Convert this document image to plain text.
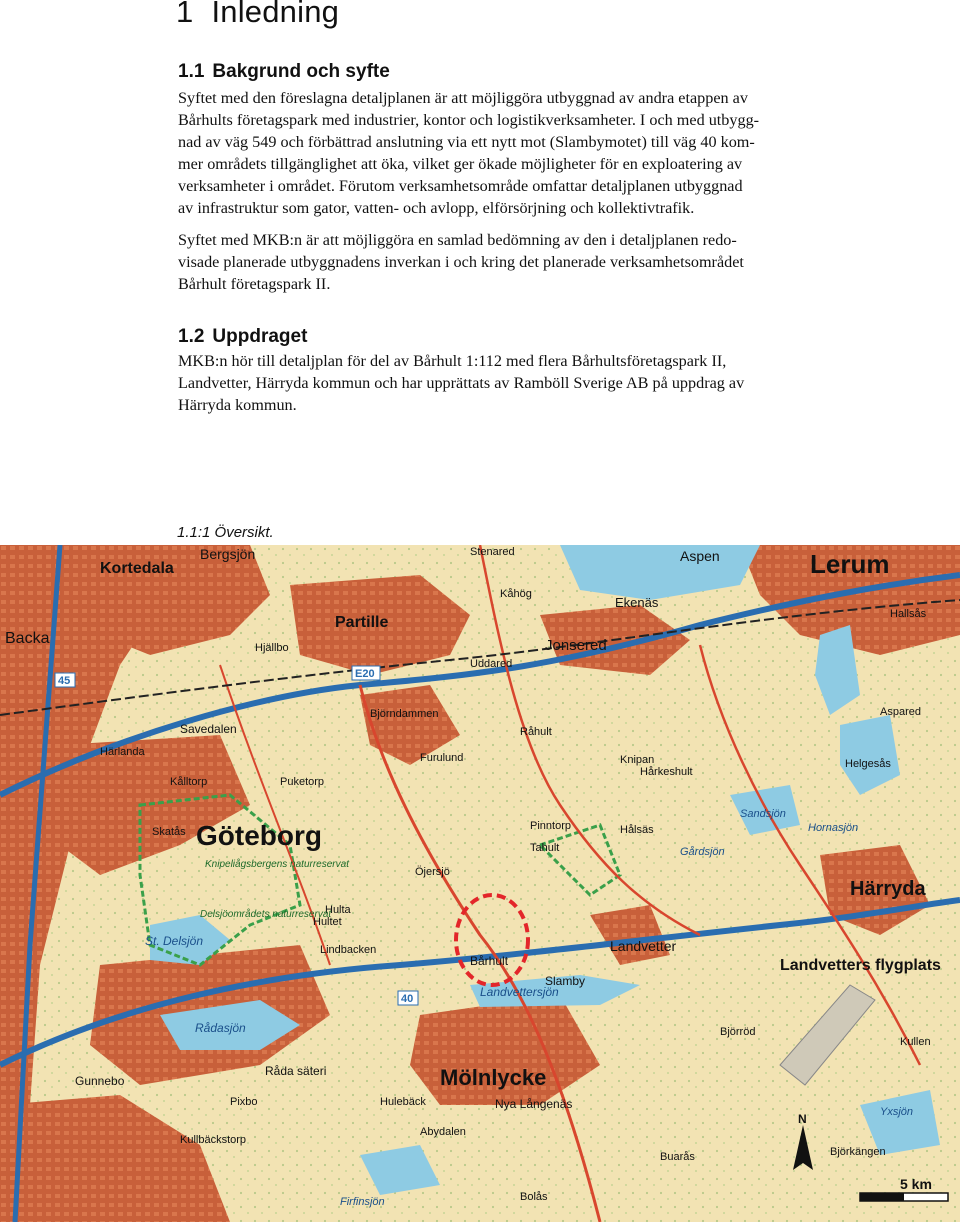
1 Inledning
1.1 Bakgrund och syfte
Syftet med den föreslagna detaljplanen är att möjliggöra utbyggnad av andra etappen av
Bårhults företagspark med industrier, kontor och logistikverksamheter. I och med utbygg-
nad av väg 549 och förbättrad anslutning via ett nytt mot (Slambymotet) till väg 40 kom-
mer områdets tillgänglighet att öka, vilket ger ökade möjligheter för en exploatering av
verksamheter i området. Förutom verksamhetsområde omfattar detaljplanen utbyggnad
av infrastruktur som gator, vatten- och avlopp, elförsörjning och kollektivtrafik.
Syftet med MKB:n är att möjliggöra en samlad bedömning av den i detaljplanen redo-
visade planerade utbyggnadens inverkan i och kring det planerade verksamhetsområdet
Bårhult företagspark II.
1.2 Uppdraget
MKB:n hör till detaljplan för del av Bårhult 1:112 med flera Bårhultsföretagspark II,
Landvetter, Härryda kommun och har upprättats av Ramböll Sverige AB på uppdrag av
Härryda kommun.
1.1:1 Översikt.
Lerum
Göteborg
Mölnlycke
Härryda
Landvetters flygplats
Partille
Kortedala
Bergsjön
Backa
Landvetter
Aspen
Ekenäs
Jonsered
Savedalen
Slamby
Bårhult
Råda säteri
Gunnebo
Nya Långenäs
Landvettersjön
Rådasjön
St. Delsjön
Kåhög
Hjällbo
Stenared
Uddared
Björndammen
Furulund
Puketorp
Kålltorp
Skatås
Härlanda
Lindbacken
Hulta
Öjersjö
Pinntorp
Tahult
Hallsås
Råhult
Hårkeshult
Knipan
Hålsäs
Gårdsjön
Hultet
Kullbäckstorp
Pixbo	Hulebäck
Abydalen
Buarås	Björkängen
Bolås
Firfinsjön
Björröd
Helgesås
Sandsjön
Hornasjön
Yxsjön
Aspared
Kullen
Delsjöområdets naturreservat
Knipeliågsbergens naturreservat
E20
40
45
N
5 km
